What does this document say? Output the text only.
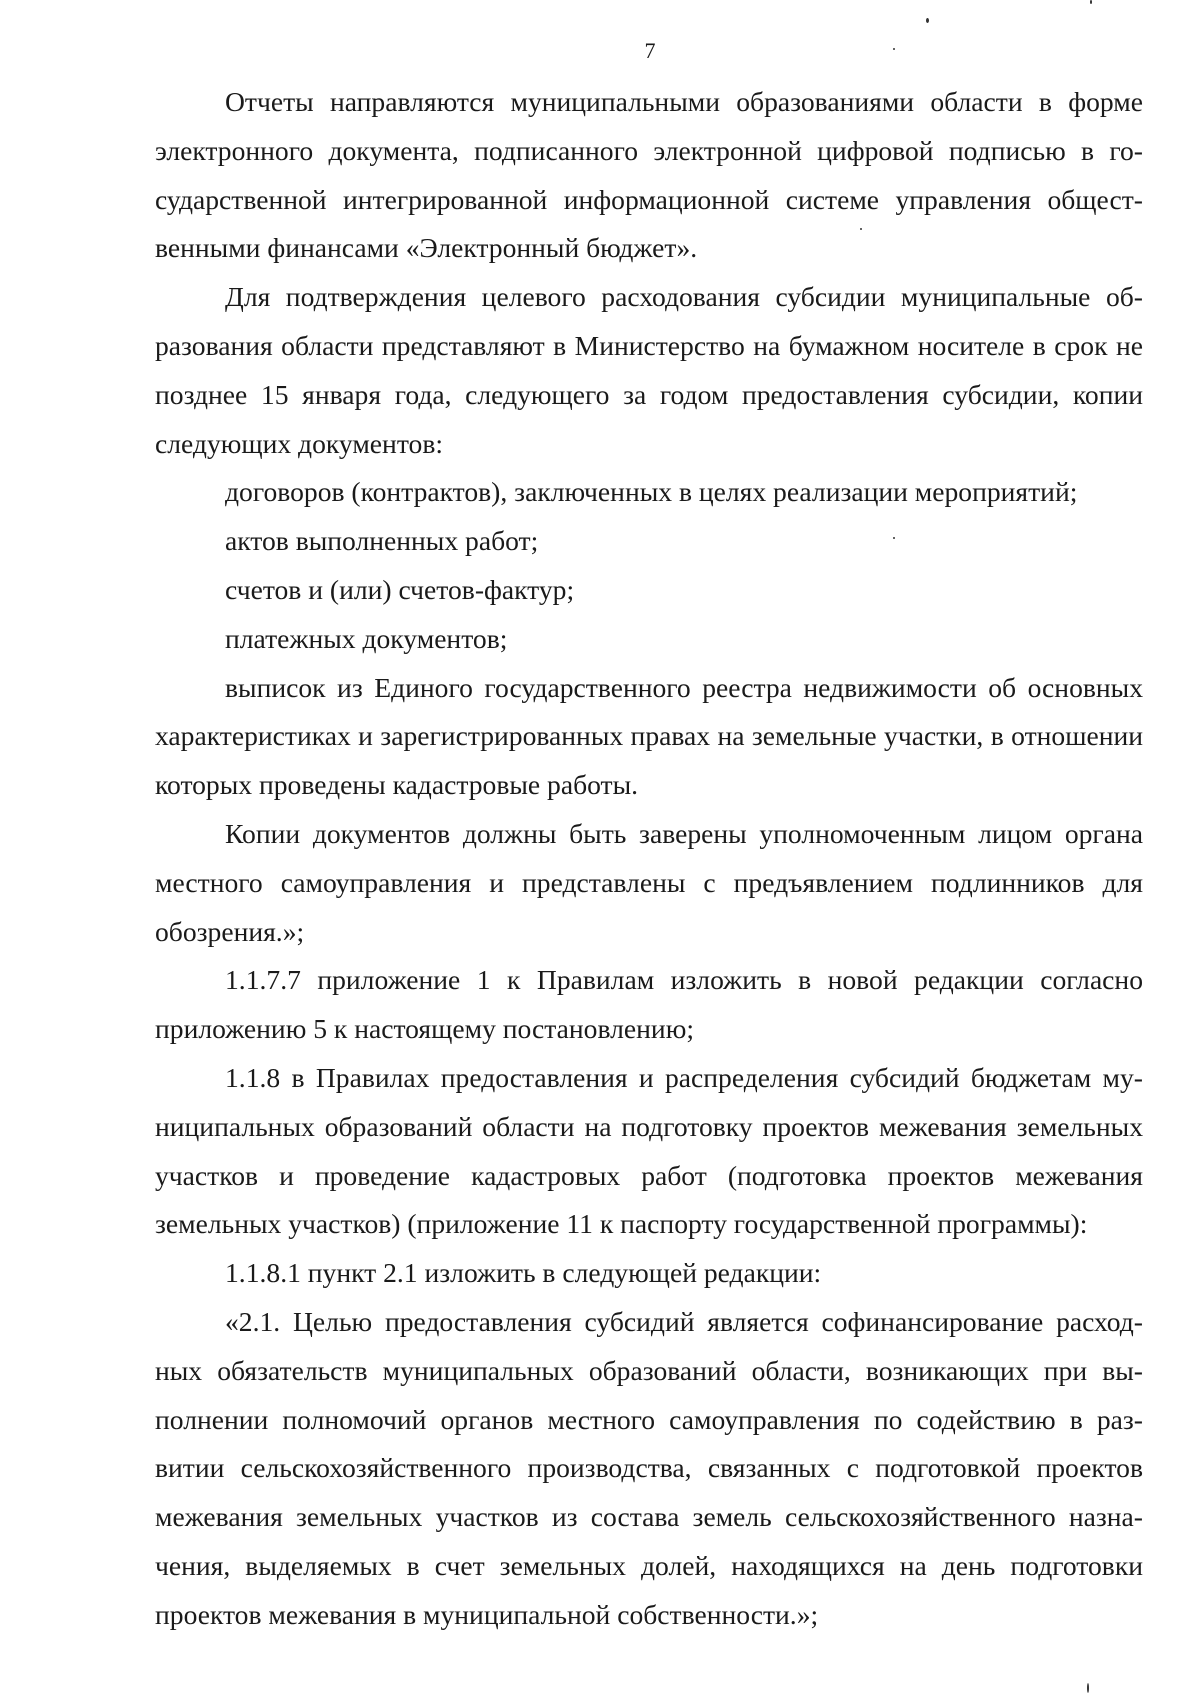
7

Отчеты направляются муниципальными образованиями области в форме электронного документа, подписанного электронной цифровой подписью в государственной интегрированной информационной системе управления общественными финансами «Электронный бюджет».

Для подтверждения целевого расходования субсидии муниципальные образования области представляют в Министерство на бумажном носителе в срок не позднее 15 января года, следующего за годом предоставления субсидии, копии следующих документов:

договоров (контрактов), заключенных в целях реализации мероприятий;

актов выполненных работ;

счетов и (или) счетов-фактур;

платежных документов;

выписок из Единого государственного реестра недвижимости об основных характеристиках и зарегистрированных правах на земельные участки, в отношении которых проведены кадастровые работы.

Копии документов должны быть заверены уполномоченным лицом органа местного самоуправления и представлены с предъявлением подлинников для обозрения.»;

1.1.7.7 приложение 1 к Правилам изложить в новой редакции согласно приложению 5 к настоящему постановлению;

1.1.8 в Правилах предоставления и распределения субсидий бюджетам муниципальных образований области на подготовку проектов межевания земельных участков и проведение кадастровых работ (подготовка проектов межевания земельных участков) (приложение 11 к паспорту государственной программы):

1.1.8.1 пункт 2.1 изложить в следующей редакции:

«2.1. Целью предоставления субсидий является софинансирование расходных обязательств муниципальных образований области, возникающих при выполнении полномочий органов местного самоуправления по содействию в развитии сельскохозяйственного производства, связанных с подготовкой проектов межевания земельных участков из состава земель сельскохозяйственного назначения, выделяемых в счет земельных долей, находящихся на день подготовки проектов межевания в муниципальной собственности.»;
